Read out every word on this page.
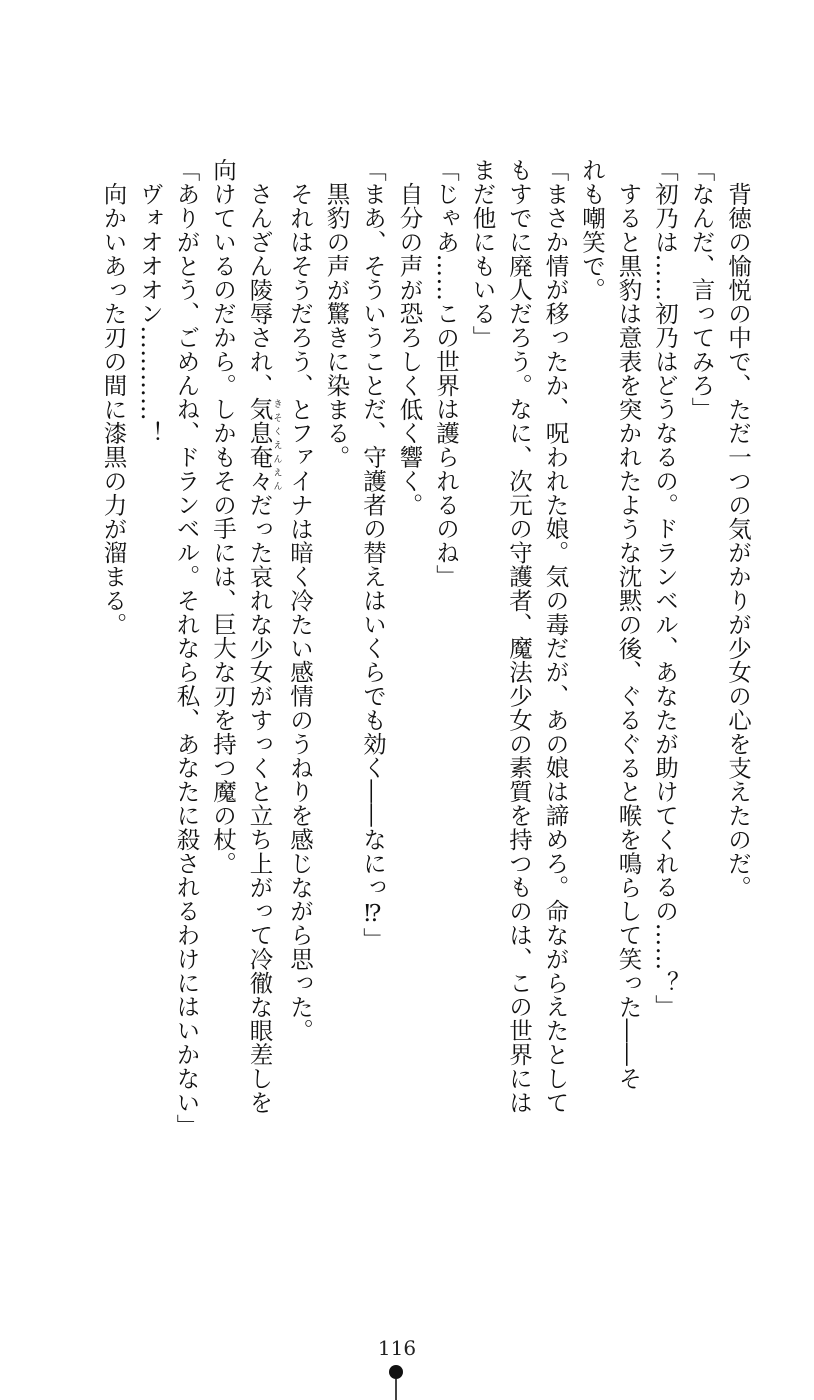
背徳の愉悦の中で、ただ一つの気がかりが少女の心を支えたのだ。
「なんだ、言ってみろ」
「初乃は……初乃はどうなるの。ドランベル、あなたが助けてくれるの……？」
すると黒豹は意表を突かれたような沈黙の後、ぐるぐると喉を鳴らして笑った――そ
れも嘲笑で。
「まさか情が移ったか、呪われた娘。気の毒だが、あの娘は諦めろ。命ながらえたとして
もすでに廃人だろう。なに、次元の守護者、魔法少女の素質を持つものは、この世界には
まだ他にもいる」
「じゃあ……この世界は護られるのね」
自分の声が恐ろしく低く響く。
「まあ、そういうことだ、守護者の替えはいくらでも効く――なにっ⁉」
黒豹の声が驚きに染まる。
それはそうだろう、とファイナは暗く冷たい感情のうねりを感じながら思った。
さんざん陵辱され、気息奄々きそくえんえんだった哀れな少女がすっくと立ち上がって冷徹な眼差しを
向けているのだから。しかもその手には、巨大な刃を持つ魔の杖。
「ありがとう、ごめんね、ドランベル。それなら私、あなたに殺されるわけにはいかない」
ヴォオオオン…………！
向かいあった刃の間に漆黒の力が溜まる。
116
